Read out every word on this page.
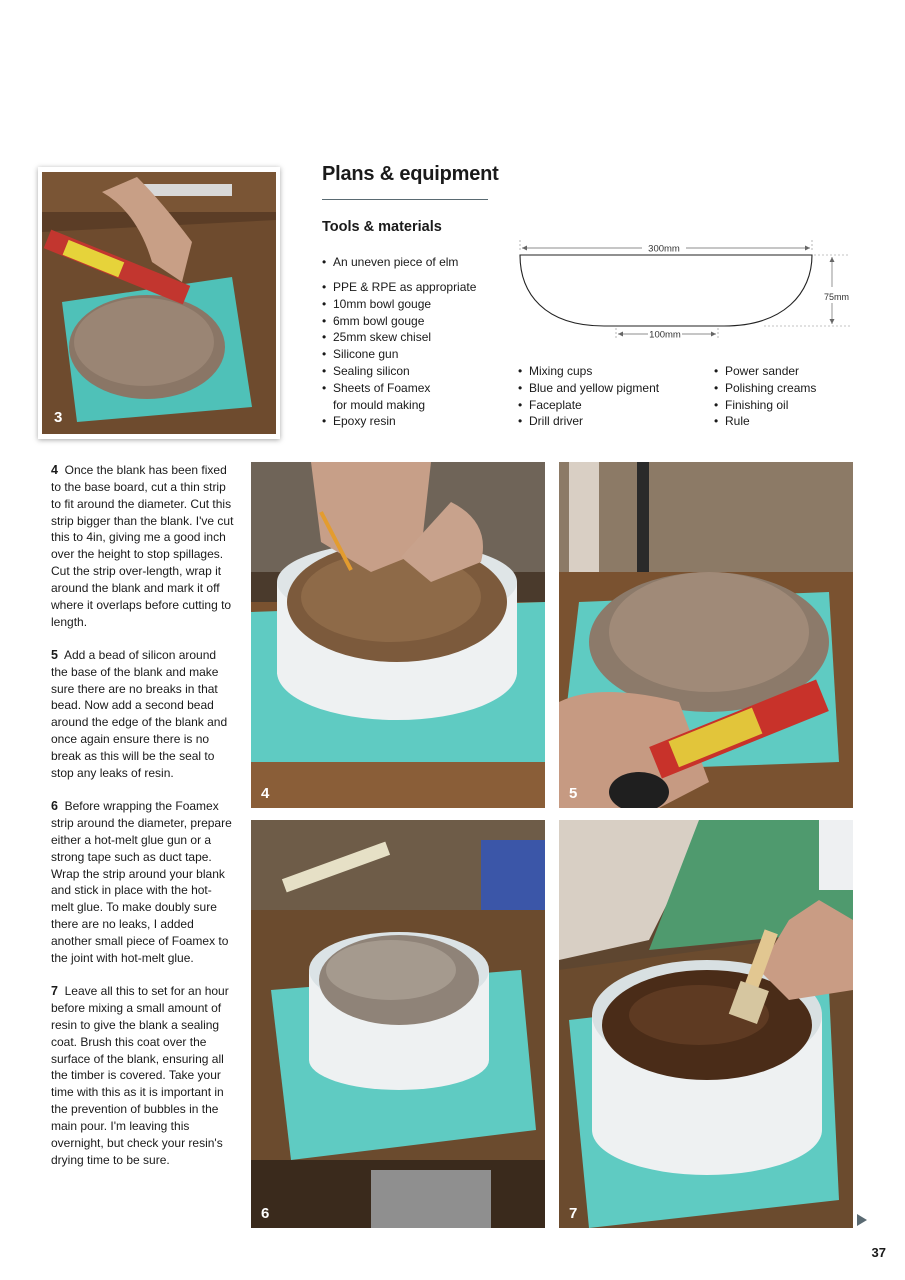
3
Plans & equipment
Tools & materials
• An uneven piece of elm
• PPE & RPE as appropriate
• 10mm bowl gouge
• 6mm bowl gouge
• 25mm skew chisel
• Silicone gun
• Sealing silicon
• Sheets of Foamex
for mould making
• Epoxy resin
• Mixing cups
• Blue and yellow pigment
• Faceplate
• Drill driver
• Power sander
• Polishing creams
• Finishing oil
• Rule
300mm
75mm
100mm

4 Once the blank has been fixed to the base board, cut a thin strip to fit around the diameter. Cut this strip bigger than the blank. I've cut this to 4in, giving me a good inch over the height to stop spillages. Cut the strip over-length, wrap it around the blank and mark it off where it overlaps before cutting to length.

5 Add a bead of silicon around the base of the blank and make sure there are no breaks in that bead. Now add a second bead around the edge of the blank and once again ensure there is no break as this will be the seal to stop any leaks of resin.

6 Before wrapping the Foamex strip around the diameter, prepare either a hot-melt glue gun or a strong tape such as duct tape. Wrap the strip around your blank and stick in place with the hot-melt glue. To make doubly sure there are no leaks, I added another small piece of Foamex to the joint with hot-melt glue.

7 Leave all this to set for an hour before mixing a small amount of resin to give the blank a sealing coat. Brush this coat over the surface of the blank, ensuring all the timber is covered. Take your time with this as it is important in the prevention of bubbles in the main pour. I'm leaving this overnight, but check your resin's drying time to be sure.

4	5
6	7
37
